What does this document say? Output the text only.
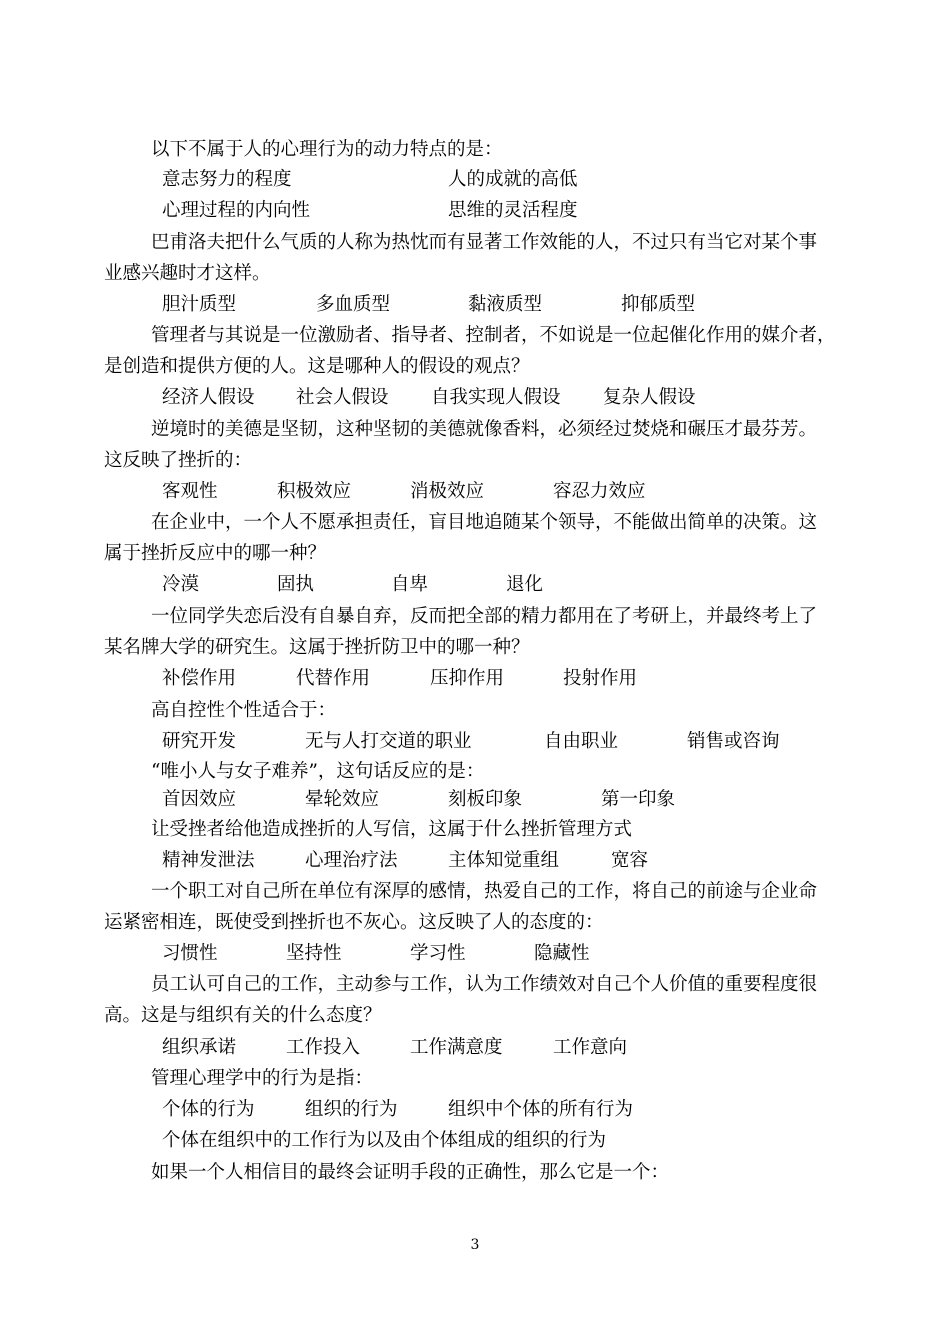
以下不属于人的心理行为的动力特点的是：
意志努力的程度	人的成就的高低
心理过程的内向性	思维的灵活程度
巴甫洛夫把什么气质的人称为热忱而有显著工作效能的人，不过只有当它对某个事
业感兴趣时才这样。
胆汁质型	多血质型	黏液质型	抑郁质型
管理者与其说是一位激励者、指导者、控制者，不如说是一位起催化作用的媒介者，
是创造和提供方便的人。这是哪种人的假设的观点？
经济人假设 社会人假设 自我实现人假设 复杂人假设
逆境时的美德是坚韧，这种坚韧的美德就像香料，必须经过焚烧和碾压才最芬芳。
这反映了挫折的：
客观性	积极效应	消极效应	容忍力效应
在企业中，一个人不愿承担责任，盲目地追随某个领导，不能做出简单的决策。这
属于挫折反应中的哪一种？
冷漠	固执	自卑	退化
一位同学失恋后没有自暴自弃，反而把全部的精力都用在了考研上，并最终考上了
某名牌大学的研究生。这属于挫折防卫中的哪一种？
补偿作用	代替作用	压抑作用	投射作用
高自控性个性适合于：
研究开发	无与人打交道的职业	自由职业	销售或咨询
“唯小人与女子难养”，这句话反应的是：
首因效应	晕轮效应	刻板印象	第一印象
让受挫者给他造成挫折的人写信，这属于什么挫折管理方式
精神发泄法	心理治疗法	主体知觉重组	宽容
一个职工对自己所在单位有深厚的感情，热爱自己的工作，将自己的前途与企业命
运紧密相连，既使受到挫折也不灰心。这反映了人的态度的：
习惯性	坚持性	学习性	隐藏性
员工认可自己的工作，主动参与工作，认为工作绩效对自己个人价值的重要程度很
高。这是与组织有关的什么态度？
组织承诺	工作投入	工作满意度	工作意向
管理心理学中的行为是指：
个体的行为	组织的行为	组织中个体的所有行为
个体在组织中的工作行为以及由个体组成的组织的行为
如果一个人相信目的最终会证明手段的正确性，那么它是一个：
3
